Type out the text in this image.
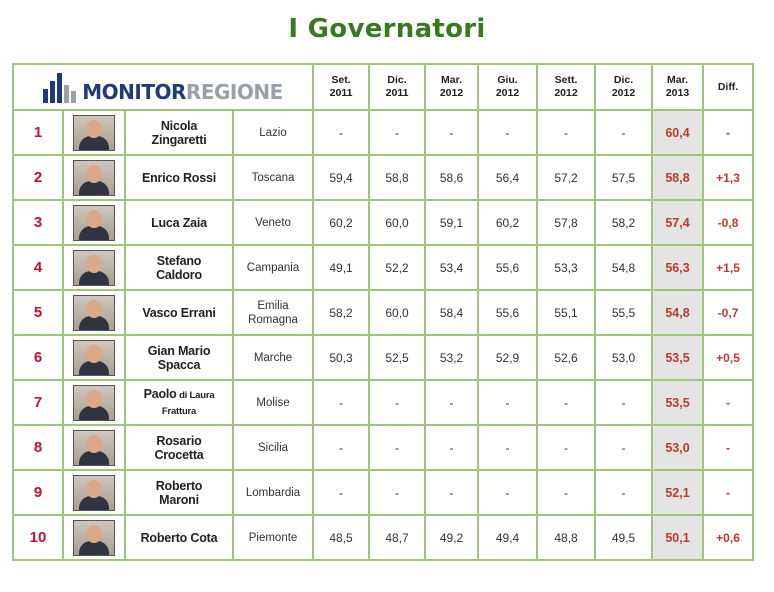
I Governatori
MONITORREGIONE				Set.
2011	Dic.
2011	Mar.
2012	Giu.
2012	Sett.
2012	Dic.
2012	Mar.
2013	Diff.
1		Nicola
Zingaretti	Lazio	-	-	-	-	-	-	60,4	-
2		Enrico Rossi	Toscana	59,4	58,8	58,6	56,4	57,2	57,5	58,8	+1,3
3		Luca Zaia	Veneto	60,2	60,0	59,1	60,2	57,8	58,2	57,4	-0,8
4		Stefano
Caldoro	Campania	49,1	52,2	53,4	55,6	53,3	54,8	56,3	+1,5
5		Vasco Errani	Emilia
Romagna	58,2	60,0	58,4	55,6	55,1	55,5	54,8	-0,7
6		Gian Mario
Spacca	Marche	50,3	52,5	53,2	52,9	52,6	53,0	53,5	+0,5
7		Paolo di Laura
Frattura	Molise	-	-	-	-	-	-	53,5	-
8		Rosario
Crocetta	Sicilia	-	-	-	-	-	-	53,0	-
9		Roberto
Maroni	Lombardia	-	-	-	-	-	-	52,1	-
10		Roberto Cota	Piemonte	48,5	48,7	49,2	49,4	48,8	49,5	50,1	+0,6
